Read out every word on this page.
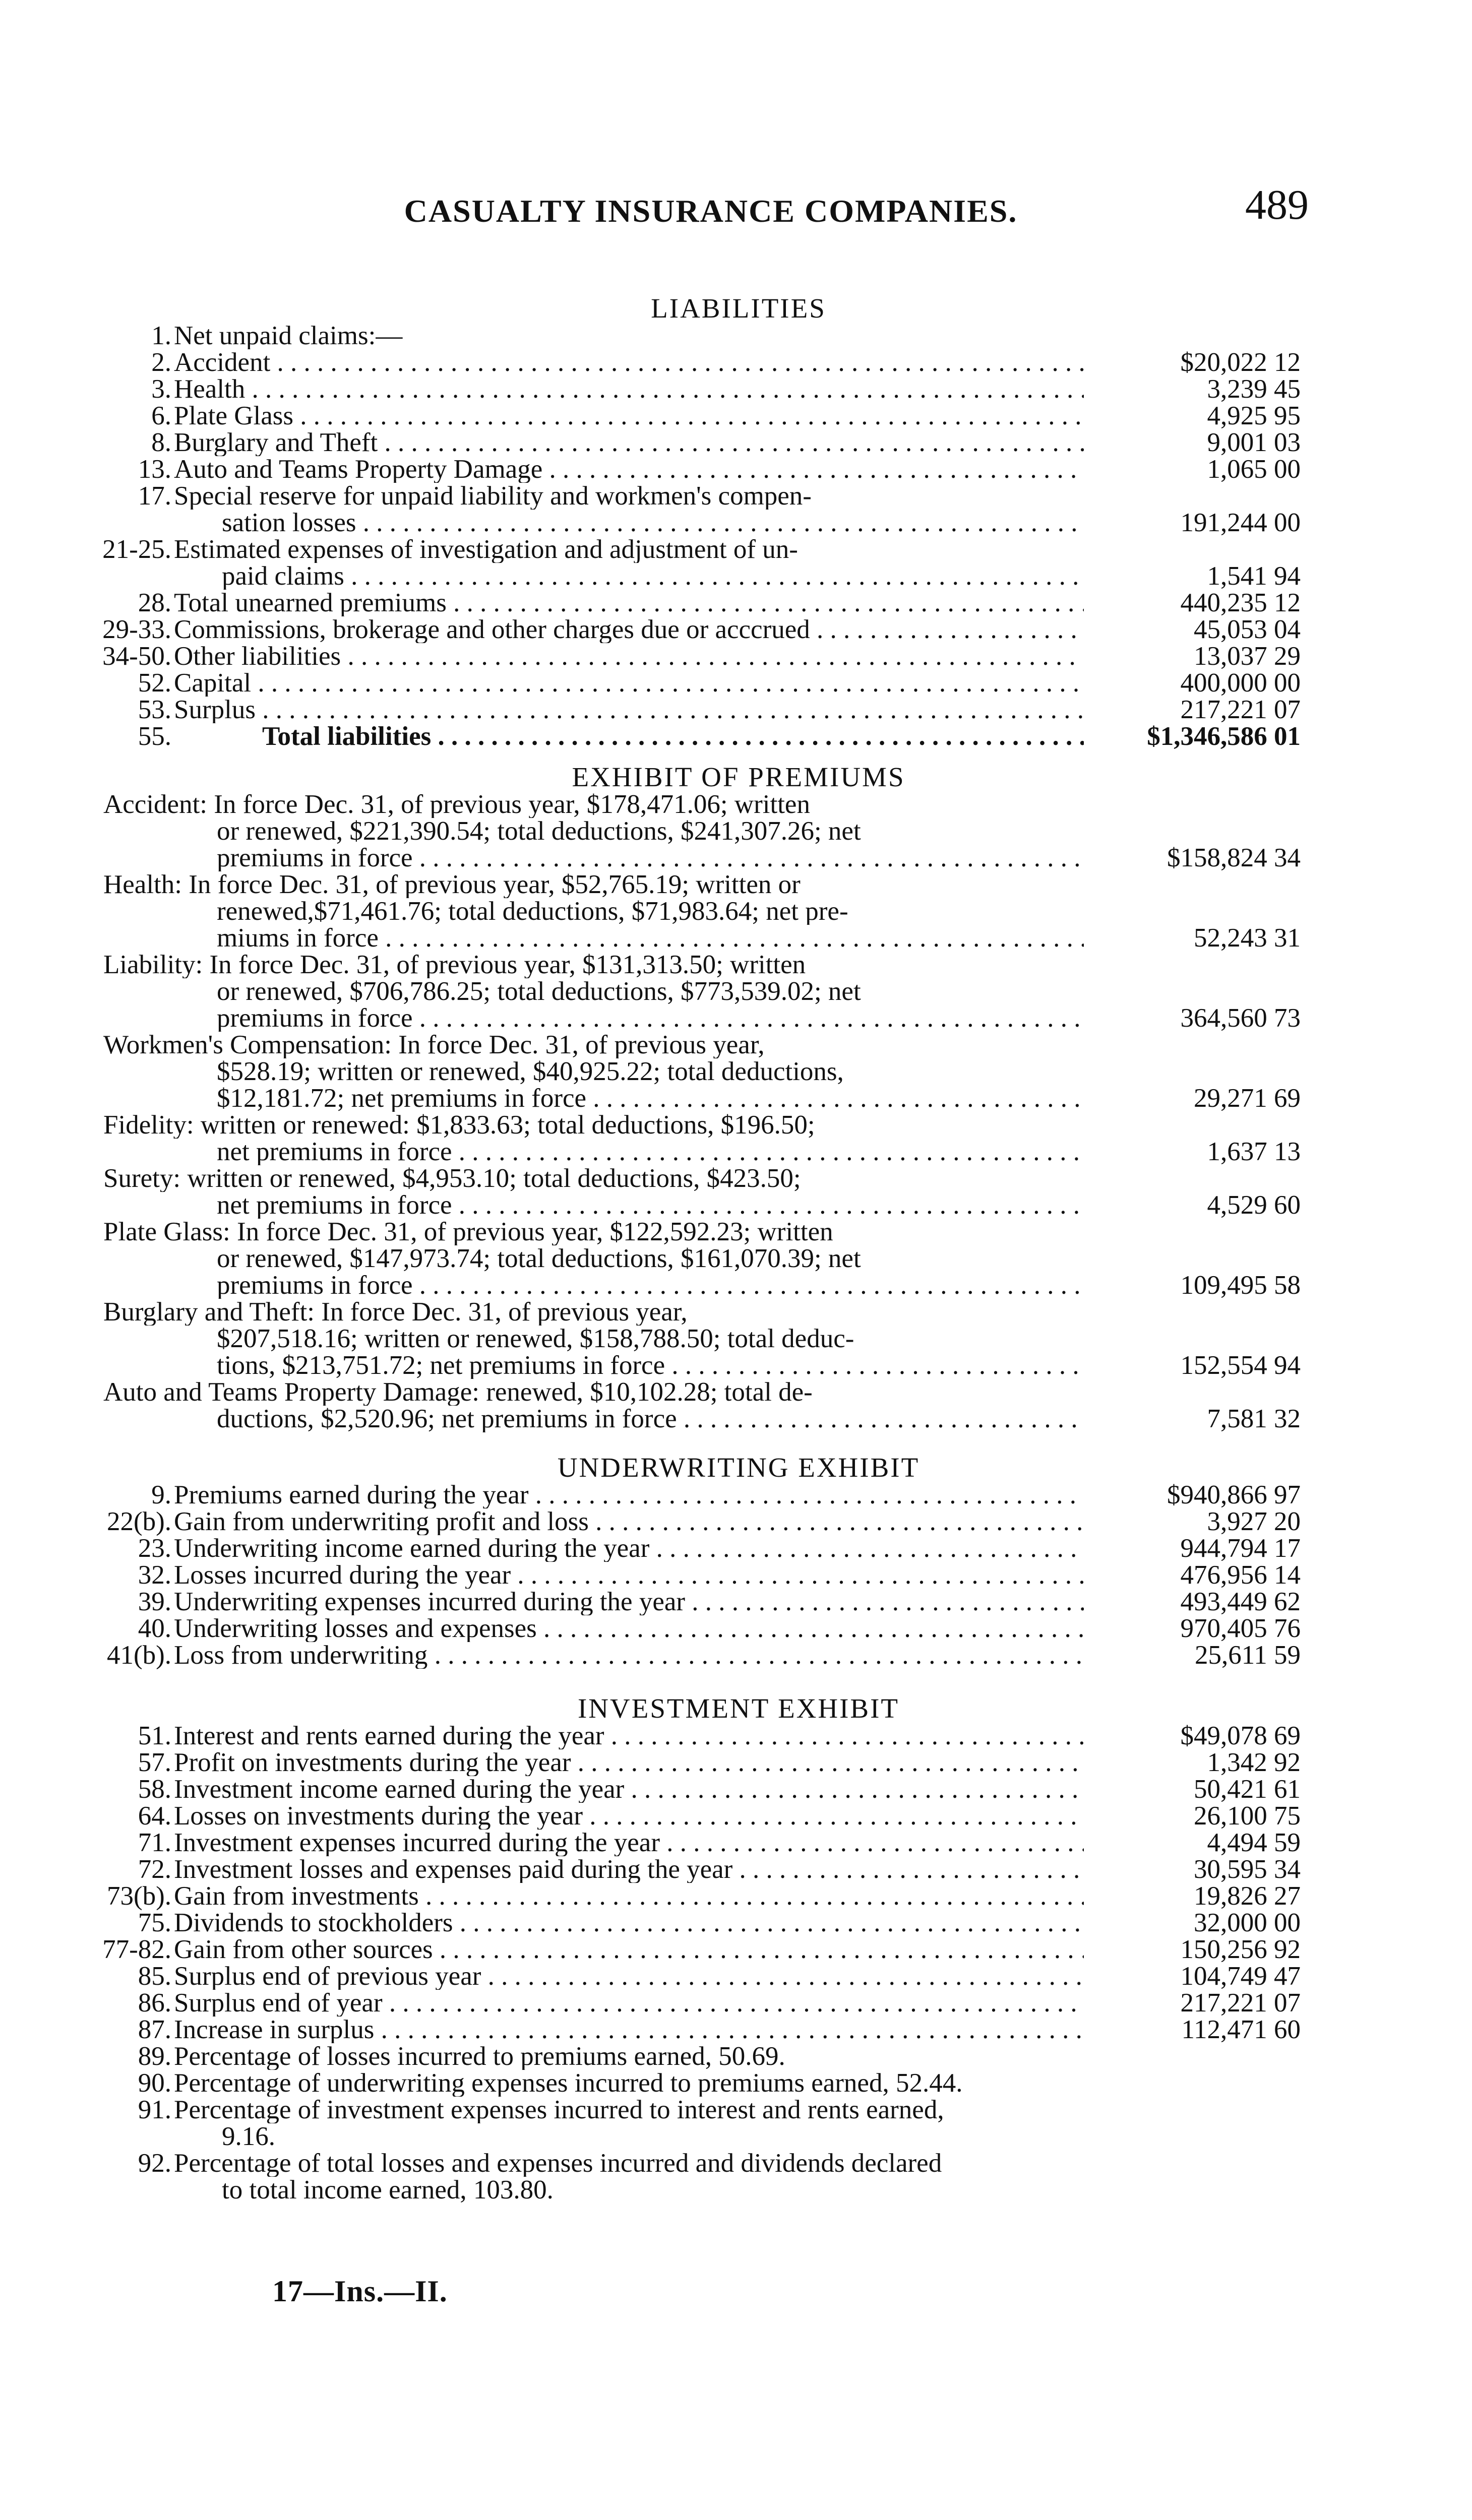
CASUALTY INSURANCE COMPANIES.	489
LIABILITIES
1. Net unpaid claims:—
2. Accident . . .	$20,022 12
3. Health . . .	3,239 45
6. Plate Glass . . .	4,925 95
8. Burglary and Theft . . .	9,001 03
13. Auto and Teams Property Damage . . .	1,065 00
17. Special reserve for unpaid liability and workmen's compen-
sation losses . . .	191,244 00
21-25. Estimated expenses of investigation and adjustment of un-
paid claims . . .	1,541 94
28. Total unearned premiums . . .	440,235 12
29-33. Commissions, brokerage and other charges due or acccrued . . .	45,053 04
34-50. Other liabilities . . .	13,037 29
52. Capital . . .	400,000 00
53. Surplus . . .	217,221 07
55.	Total liabilities . . .	$1,346,586 01
EXHIBIT OF PREMIUMS
Accident: In force Dec. 31, of previous year, $178,471.06; written
or renewed, $221,390.54; total deductions, $241,307.26; net
premiums in force . . .	$158,824 34
Health: In force Dec. 31, of previous year, $52,765.19; written or
renewed,$71,461.76; total deductions, $71,983.64; net pre-
miums in force . . .	52,243 31
Liability: In force Dec. 31, of previous year, $131,313.50; written
or renewed, $706,786.25; total deductions, $773,539.02; net
premiums in force . . .	364,560 73
Workmen's Compensation: In force Dec. 31, of previous year,
$528.19; written or renewed, $40,925.22; total deductions,
$12,181.72; net premiums in force . . .	29,271 69
Fidelity: written or renewed: $1,833.63; total deductions, $196.50;
net premiums in force . . .	1,637 13
Surety: written or renewed, $4,953.10; total deductions, $423.50;
net premiums in force . . .	4,529 60
Plate Glass: In force Dec. 31, of previous year, $122,592.23; written
or renewed, $147,973.74; total deductions, $161,070.39; net
premiums in force . . .	109,495 58
Burglary and Theft: In force Dec. 31, of previous year,
$207,518.16; written or renewed, $158,788.50; total deduc-
tions, $213,751.72; net premiums in force . . .	152,554 94
Auto and Teams Property Damage: renewed, $10,102.28; total de-
ductions, $2,520.96; net premiums in force . . .	7,581 32
UNDERWRITING EXHIBIT
9. Premiums earned during the year . . .	$940,866 97
22(b). Gain from underwriting profit and loss . . .	3,927 20
23. Underwriting income earned during the year . . .	944,794 17
32. Losses incurred during the year . . .	476,956 14
39. Underwriting expenses incurred during the year . . .	493,449 62
40. Underwriting losses and expenses . . .	970,405 76
41(b). Loss from underwriting . . .	25,611 59
INVESTMENT EXHIBIT
51. Interest and rents earned during the year . . .	$49,078 69
57. Profit on investments during the year . . .	1,342 92
58. Investment income earned during the year . . .	50,421 61
64. Losses on investments during the year . . .	26,100 75
71. Investment expenses incurred during the year . . .	4,494 59
72. Investment losses and expenses paid during the year . . .	30,595 34
73(b). Gain from investments . . .	19,826 27
75. Dividends to stockholders . . .	32,000 00
77-82. Gain from other sources . . .	150,256 92
85. Surplus end of previous year . . .	104,749 47
86. Surplus end of year . . .	217,221 07
87. Increase in surplus . . .	112,471 60
89. Percentage of losses incurred to premiums earned, 50.69.
90. Percentage of underwriting expenses incurred to premiums earned, 52.44.
91. Percentage of investment expenses incurred to interest and rents earned,
9.16.
92. Percentage of total losses and expenses incurred and dividends declared
to total income earned, 103.80.
17—Ins.—II.
